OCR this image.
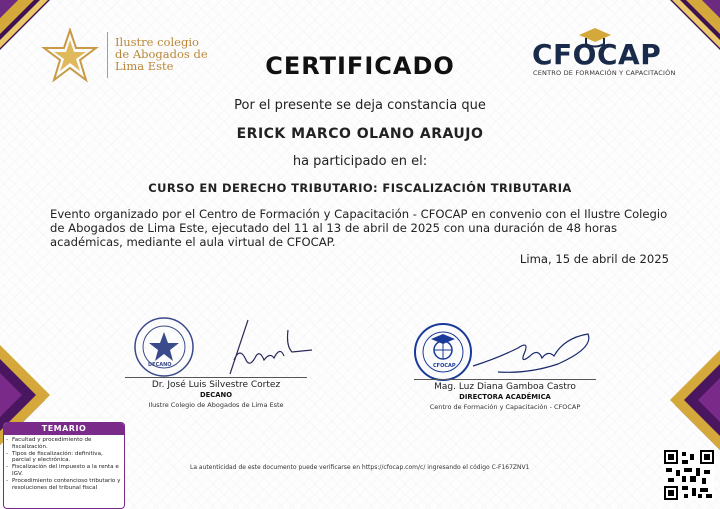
Ilustre colegio
de Abogados de
Lima Este	CFOCAP
CENTRO DE FORMACIÓN Y CAPACITACIÓN
CERTIFICADO
Por el presente se deja constancia que
ERICK MARCO OLANO ARAUJO
ha participado en el:
CURSO EN DERECHO TRIBUTARIO: FISCALIZACIÓN TRIBUTARIA
Evento organizado por el Centro de Formación y Capacitación - CFOCAP en convenio con el Ilustre Colegio de Abogados de Lima Este, ejecutado del 11 al 13 de abril de 2025 con una duración de 48 horas académicas, mediante el aula virtual de CFOCAP.
Lima, 15 de abril de 2025
DECANO
Dr. José Luis Silvestre Cortez
DECANO
Ilustre Colegio de Abogados de Lima Este
CFOCAP
Mag. Luz Diana Gamboa Castro
DIRECTORA ACADÉMICA
Centro de Formación y Capacitación - CFOCAP
TEMARIO
- Facultad y procedimiento de fiscalización.
- Tipos de fiscalización: definitiva, parcial y electrónica.
- Fiscalización del impuesto a la renta e IGV.
- Procedimiento contencioso tributario y resoluciones del tribunal fiscal
La autenticidad de este documento puede verificarse en https://cfocap.com/c/ ingresando el código C-F167ZNV1
